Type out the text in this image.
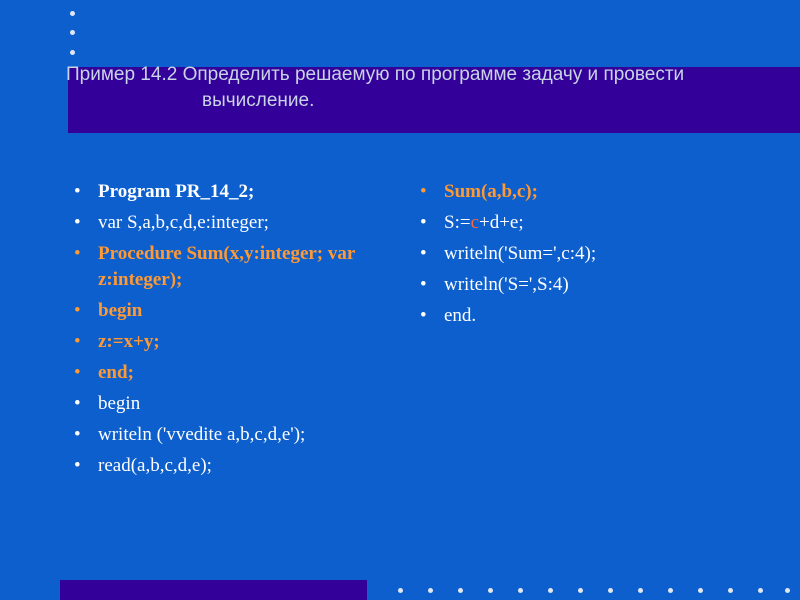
Пример 14.2 Определить решаемую по программе задачу и провести
вычисление.
• Program PR_14_2;
• var S,a,b,c,d,e:integer;
• Procedure Sum(x,y:integer; var z:integer);
• begin
• z:=x+y;
• end;
• begin
• writeln ('vvedite a,b,c,d,e');
• read(a,b,c,d,e);
• Sum(a,b,c);
• S:=c+d+e;
• writeln('Sum=',c:4);
• writeln('S=',S:4)
• end.
